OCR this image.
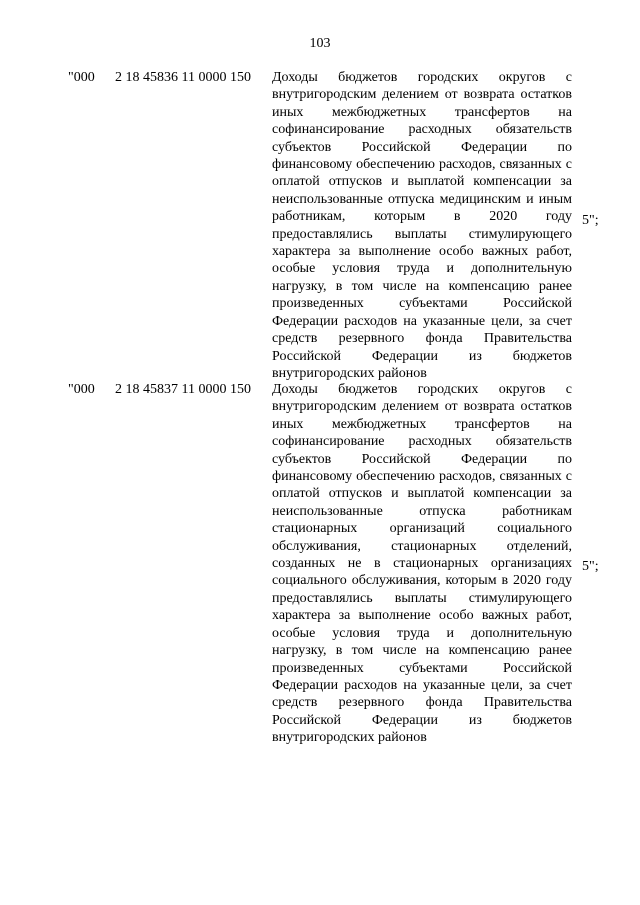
103
"000	2 18 45836 11 0000 150	Доходы бюджетов городских округов с внутригородским делением от возврата остатков иных межбюджетных трансфертов на софинансирование расходных обязательств субъектов Российской Федерации по финансовому обеспечению расходов, связанных с оплатой отпусков и выплатой компенсации за неиспользованные отпуска медицинским и иным работникам, которым в 2020 году предоставлялись выплаты стимулирующего характера за выполнение особо важных работ, особые условия труда и дополнительную нагрузку, в том числе на компенсацию ранее произведенных субъектами Российской Федерации расходов на указанные цели, за счет средств резервного фонда Правительства Российской Федерации из бюджетов внутригородских районов
5";
"000	2 18 45837 11 0000 150	Доходы бюджетов городских округов с внутригородским делением от возврата остатков иных межбюджетных трансфертов на софинансирование расходных обязательств субъектов Российской Федерации по финансовому обеспечению расходов, связанных с оплатой отпусков и выплатой компенсации за неиспользованные отпуска работникам стационарных организаций социального обслуживания, стационарных отделений, созданных не в стационарных организациях социального обслуживания, которым в 2020 году предоставлялись выплаты стимулирующего характера за выполнение особо важных работ, особые условия труда и дополнительную нагрузку, в том числе на компенсацию ранее произведенных субъектами Российской Федерации расходов на указанные цели, за счет средств резервного фонда Правительства Российской Федерации из бюджетов внутригородских районов
5";
